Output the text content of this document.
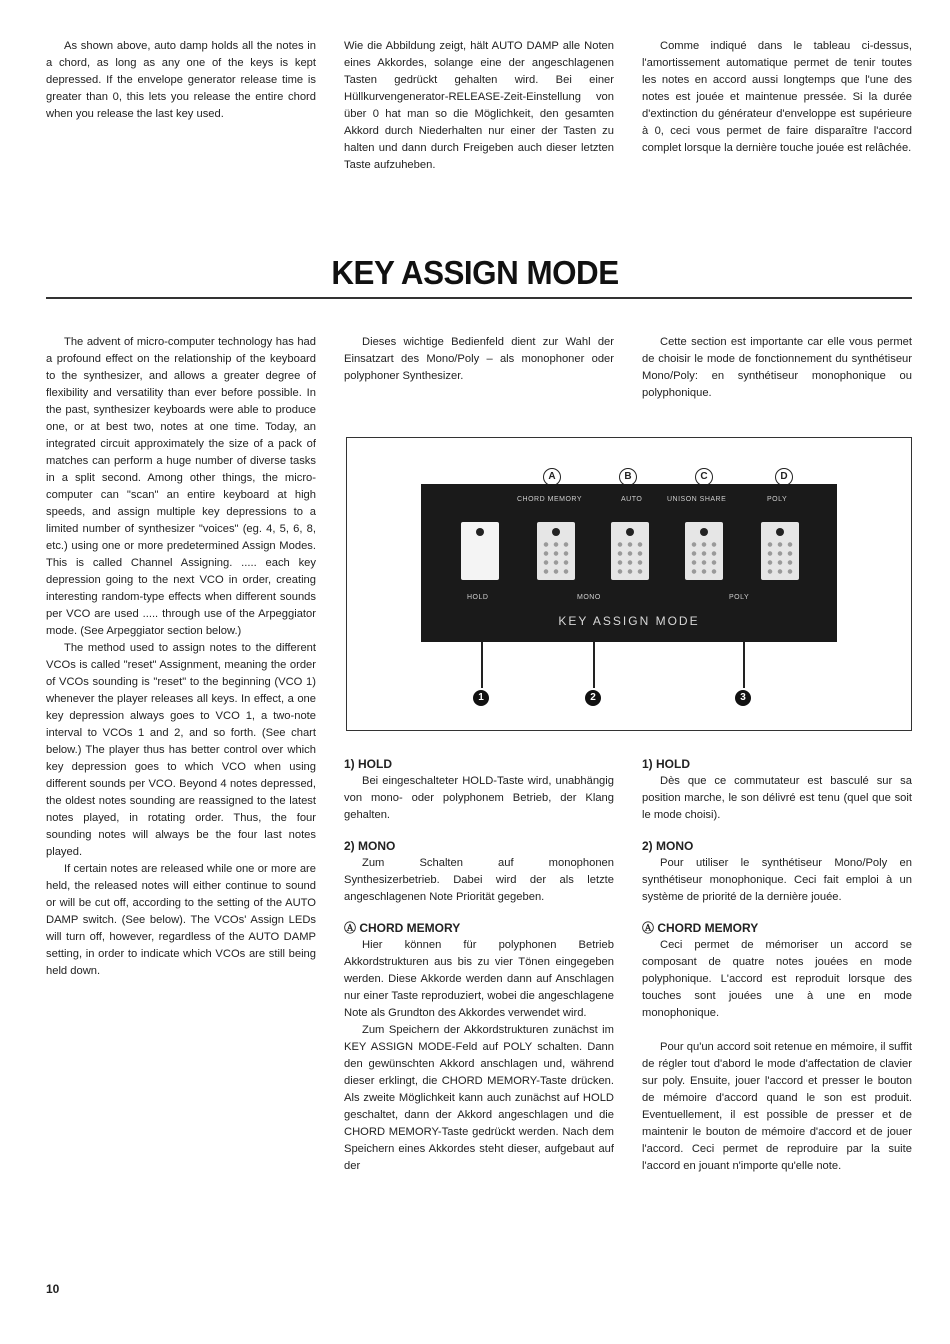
As shown above, auto damp holds all the notes in a chord, as long as any one of the keys is kept depressed. If the envelope generator release time is greater than 0, this lets you release the entire chord when you release the last key used.

Wie die Abbildung zeigt, hält AUTO DAMP alle Noten eines Akkordes, solange eine der angeschlagenen Tasten gedrückt gehalten wird. Bei einer Hüllkurvengenerator-RELEASE-Zeit-Einstellung von über 0 hat man so die Möglichkeit, den gesamten Akkord durch Niederhalten nur einer der Tasten zu halten und dann durch Freigeben auch dieser letzten Taste aufzuheben.

Comme indiqué dans le tableau ci-dessus, l'amortissement automatique permet de tenir toutes les notes en accord aussi longtemps que l'une des notes est jouée et maintenue pressée. Si la durée d'extinction du générateur d'enveloppe est supérieure à 0, ceci vous permet de faire disparaître l'accord complet lorsque la dernière touche jouée est relâchée.

KEY ASSIGN MODE

The advent of micro-computer technology has had a profound effect on the relationship of the keyboard to the synthesizer, and allows a greater degree of flexibility and versatility than ever before possible. In the past, synthesizer keyboards were able to produce one, or at best two, notes at one time. Today, an integrated circuit approximately the size of a pack of matches can perform a huge number of diverse tasks in a split second. Among other things, the micro-computer can "scan" an entire keyboard at high speeds, and assign multiple key depressions to a limited number of synthesizer "voices" (eg. 4, 5, 6, 8, etc.) using one or more predetermined Assign Modes. This is called Channel Assigning. ..... each key depression going to the next VCO in order, creating interesting random-type effects when different sounds per VCO are used ..... through use of the Arpeggiator mode. (See Arpeggiator section below.)

The method used to assign notes to the different VCOs is called "reset" Assignment, meaning the order of VCOs sounding is "reset" to the beginning (VCO 1) whenever the player releases all keys. In effect, a one key depression always goes to VCO 1, a two-note interval to VCOs 1 and 2, and so forth. (See chart below.) The player thus has better control over which key depression goes to which VCO when using different sounds per VCO. Beyond 4 notes depressed, the oldest notes sounding are reassigned to the latest notes played, in rotating order. Thus, the four sounding notes will always be the four last notes played.

If certain notes are released while one or more are held, the released notes will either continue to sound or will be cut off, according to the setting of the AUTO DAMP switch. (See below). The VCOs' Assign LEDs will turn off, however, regardless of the AUTO DAMP setting, in order to indicate which VCOs are still being held down.

Dieses wichtige Bedienfeld dient zur Wahl der Einsatzart des Mono/Poly – als monophoner oder polyphoner Synthesizer.

Cette section est importante car elle vous permet de choisir le mode de fonctionnement du synthétiseur Mono/Poly: en synthétiseur monophonique ou polyphonique.

A	B	C	D
CHORD MEMORY	AUTO	UNISON SHARE	POLY
HOLD	MONO	POLY
KEY ASSIGN MODE
1	2	3
1) HOLD

Bei eingeschalteter HOLD-Taste wird, unabhängig von mono- oder polyphonem Betrieb, der Klang gehalten.

2) MONO

Zum Schalten auf monophonen Synthesizerbetrieb. Dabei wird der als letzte angeschlagenen Note Priorität gegeben.

Ⓐ CHORD MEMORY

Hier können für polyphonen Betrieb Akkordstrukturen aus bis zu vier Tönen eingegeben werden. Diese Akkorde werden dann auf Anschlagen nur einer Taste reproduziert, wobei die angeschlagene Note als Grundton des Akkordes verwendet wird.

Zum Speichern der Akkordstrukturen zunächst im KEY ASSIGN MODE-Feld auf POLY schalten. Dann den gewünschten Akkord anschlagen und, während dieser erklingt, die CHORD MEMORY-Taste drücken. Als zweite Möglichkeit kann auch zunächst auf HOLD geschaltet, dann der Akkord angeschlagen und die CHORD MEMORY-Taste gedrückt werden. Nach dem Speichern eines Akkordes steht dieser, aufgebaut auf der

1) HOLD

Dès que ce commutateur est basculé sur sa position marche, le son délivré est tenu (quel que soit le mode choisi).

2) MONO

Pour utiliser le synthétiseur Mono/Poly en synthétiseur monophonique. Ceci fait emploi à un système de priorité de la dernière jouée.

Ⓐ CHORD MEMORY

Ceci permet de mémoriser un accord se composant de quatre notes jouées en mode polyphonique. L'accord est reproduit lorsque des touches sont jouées une à une en mode monophonique.

Pour qu'un accord soit retenue en mémoire, il suffit de régler tout d'abord le mode d'affectation de clavier sur poly. Ensuite, jouer l'accord et presser le bouton de mémoire d'accord quand le son est produit. Eventuellement, il est possible de presser et de maintenir le bouton de mémoire d'accord et de jouer l'accord. Ceci permet de reproduire par la suite l'accord en jouant n'importe qu'elle note.

10
